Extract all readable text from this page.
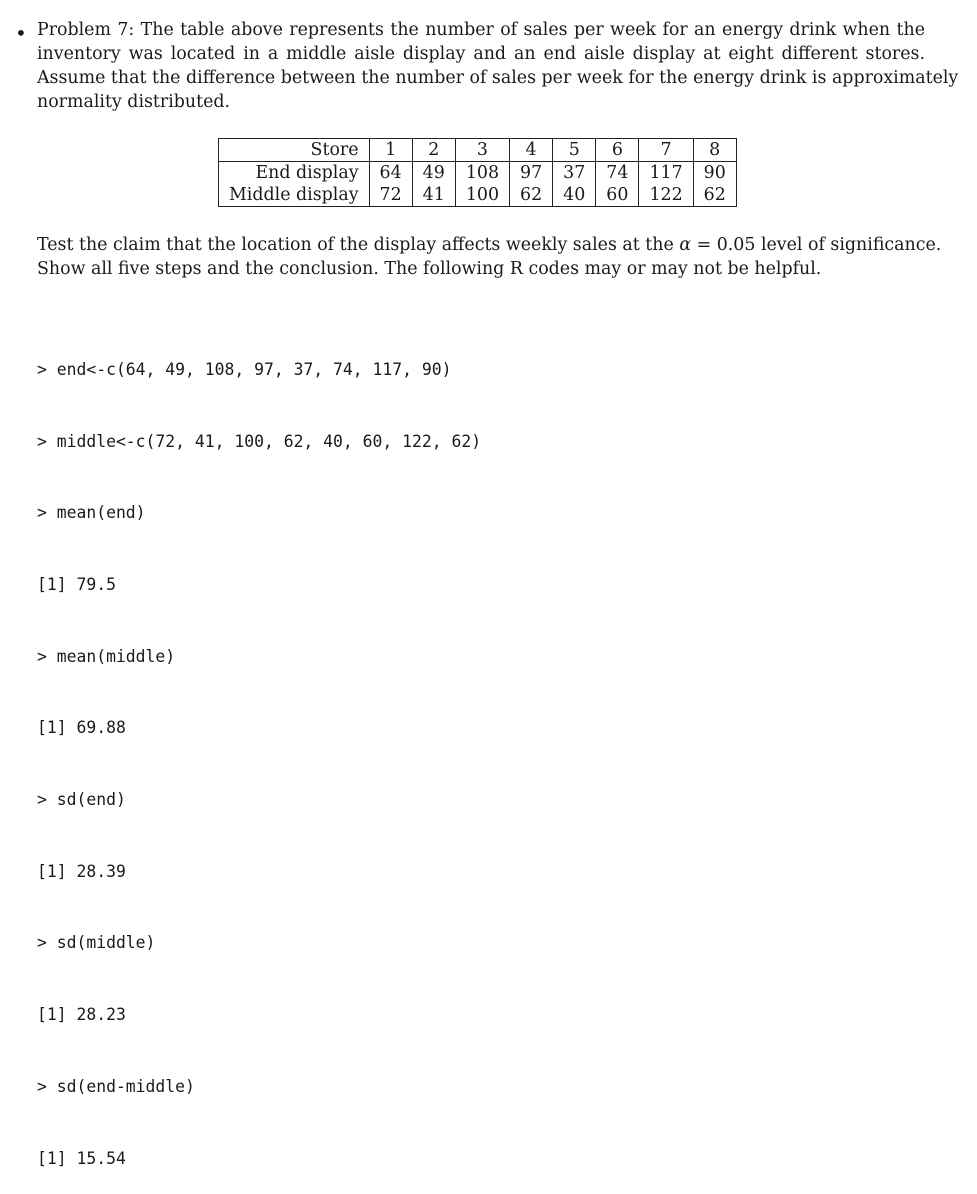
• Problem 7: The table above represents the number of sales per week for an energy drink when the
inventory was located in a middle aisle display and an end aisle display at eight different stores.
Assume that the difference between the number of sales per week for the energy drink is approximately
normality distributed.
Store	1	2	3	4	5	6	7	8
End display	64	49	108	97	37	74	117	90
Middle display	72	41	100	62	40	60	122	62
Test the claim that the location of the display affects weekly sales at the α = 0.05 level of significance.
Show all five steps and the conclusion. The following R codes may or may not be helpful.

> end<-c(64, 49, 108, 97, 37, 74, 117, 90)

> middle<-c(72, 41, 100, 62, 40, 60, 122, 62)

> mean(end)

[1] 79.5

> mean(middle)

[1] 69.88

> sd(end)

[1] 28.39

> sd(middle)

[1] 28.23

> sd(end-middle)

[1] 15.54
